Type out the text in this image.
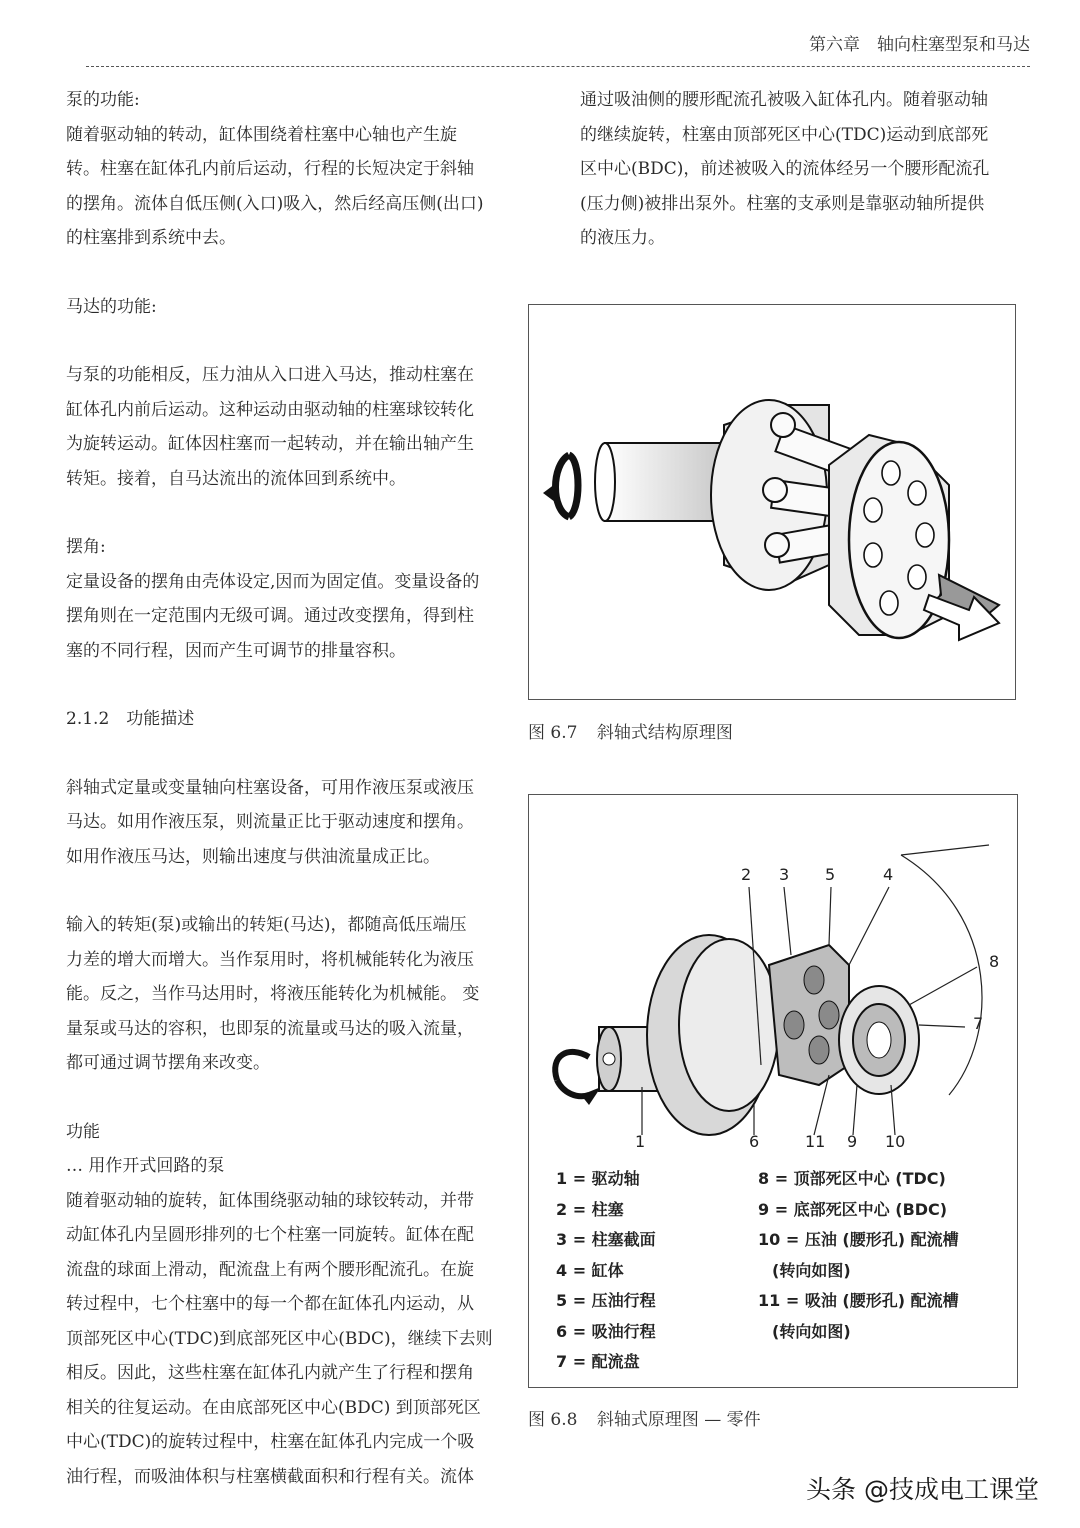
第六章　轴向柱塞型泵和马达

泵的功能:

随着驱动轴的转动，缸体围绕着柱塞中心轴也产生旋

转。柱塞在缸体孔内前后运动，行程的长短决定于斜轴

的摆角。流体自低压侧(入口)吸入，然后经高压侧(出口)

的柱塞排到系统中去。

马达的功能:

与泵的功能相反，压力油从入口进入马达，推动柱塞在

缸体孔内前后运动。这种运动由驱动轴的柱塞球铰转化

为旋转运动。缸体因柱塞而一起转动，并在输出轴产生

转矩。接着，自马达流出的流体回到系统中。

摆角:

定量设备的摆角由壳体设定,因而为固定值。变量设备的

摆角则在一定范围内无级可调。通过改变摆角，得到柱

塞的不同行程，因而产生可调节的排量容积。

2.1.2　功能描述

斜轴式定量或变量轴向柱塞设备，可用作液压泵或液压

马达。如用作液压泵，则流量正比于驱动速度和摆角。

如用作液压马达，则输出速度与供油流量成正比。

输入的转矩(泵)或输出的转矩(马达)，都随高低压端压

力差的增大而增大。当作泵用时，将机械能转化为液压

能。反之，当作马达用时，将液压能转化为机械能。 变

量泵或马达的容积，也即泵的流量或马达的吸入流量，

都可通过调节摆角来改变。

功能

… 用作开式回路的泵

随着驱动轴的旋转，缸体围绕驱动轴的球铰转动，并带

动缸体孔内呈圆形排列的七个柱塞一同旋转。缸体在配

流盘的球面上滑动，配流盘上有两个腰形配流孔。在旋

转过程中，七个柱塞中的每一个都在缸体孔内运动，从

顶部死区中心(TDC)到底部死区中心(BDC)，继续下去则

相反。因此，这些柱塞在缸体孔内就产生了行程和摆角

相关的往复运动。在由底部死区中心(BDC) 到顶部死区

中心(TDC)的旋转过程中，柱塞在缸体孔内完成一个吸

油行程，而吸油体积与柱塞横截面积和行程有关。流体

通过吸油侧的腰形配流孔被吸入缸体孔内。随着驱动轴

的继续旋转，柱塞由顶部死区中心(TDC)运动到底部死

区中心(BDC)，前述被吸入的流体经另一个腰形配流孔

(压力侧)被排出泵外。柱塞的支承则是靠驱动轴所提供

的液压力。

图 6.7 斜轴式结构原理图
2 3 5	4
8
7
1	6	11 9 10
1 = 驱动轴
2 = 柱塞
3 = 柱塞截面
4 = 缸体
5 = 压油行程
6 = 吸油行程
7 = 配流盘
8 = 顶部死区中心 (TDC)
9 = 底部死区中心 (BDC)
10 = 压油 (腰形孔) 配流槽
(转向如图)
11 = 吸油 (腰形孔) 配流槽
(转向如图)
图 6.8 斜轴式原理图 — 零件
头条 @技成电工课堂
